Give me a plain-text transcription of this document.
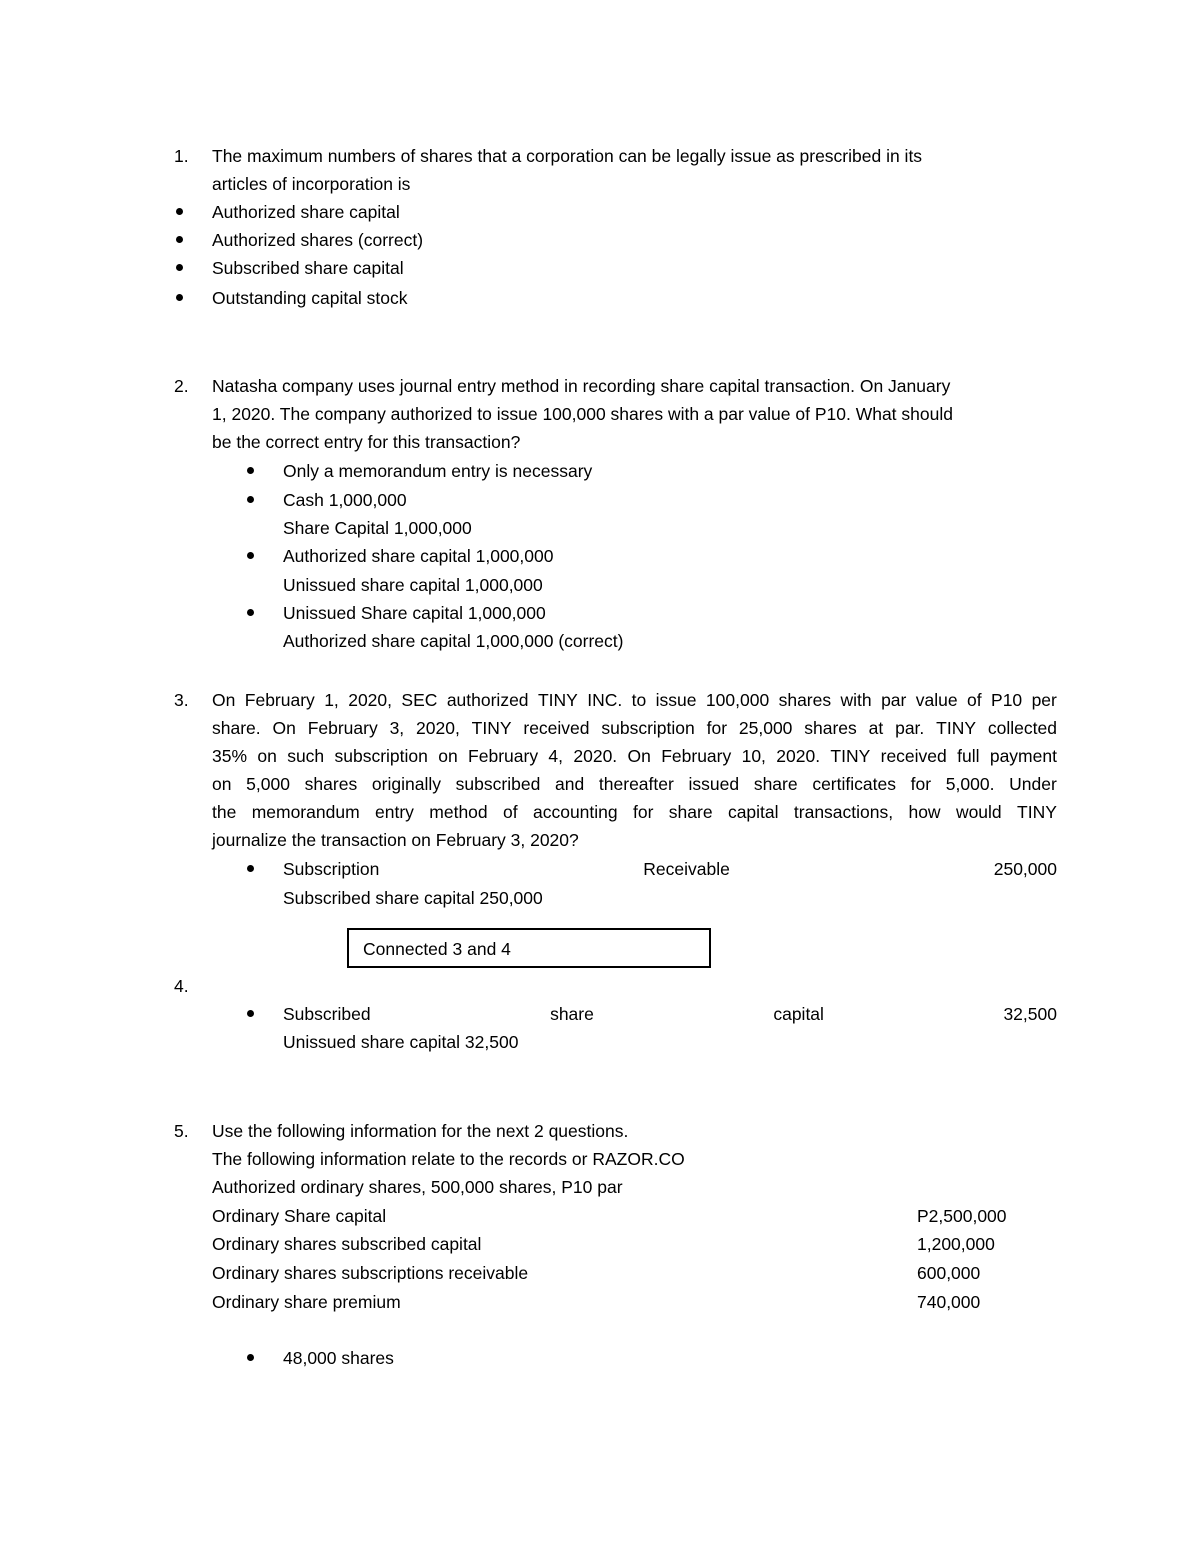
1. The maximum numbers of shares that a corporation can be legally issue as prescribed in its
articles of incorporation is
Authorized share capital
Authorized shares (correct)
Subscribed share capital
Outstanding capital stock
2. Natasha company uses journal entry method in recording share capital transaction. On January
1, 2020. The company authorized to issue 100,000 shares with a par value of P10. What should
be the correct entry for this transaction?
Only a memorandum entry is necessary
Cash 1,000,000
Share Capital 1,000,000
Authorized share capital 1,000,000
Unissued share capital 1,000,000
Unissued Share capital 1,000,000
Authorized share capital 1,000,000 (correct)
3. On February 1, 2020, SEC authorized TINY INC. to issue 100,000 shares with par value of P10 per
share. On February 3, 2020, TINY received subscription for 25,000 shares at par. TINY collected
35% on such subscription on February 4, 2020. On February 10, 2020. TINY received full payment
on 5,000 shares originally subscribed and thereafter issued share certificates for 5,000. Under
the memorandum entry method of accounting for share capital transactions, how would TINY
journalize the transaction on February 3, 2020?
Subscription	Receivable	250,000
Subscribed share capital 250,000
Connected 3 and 4
4.
Subscribed	share	capital	32,500
Unissued share capital 32,500
5. Use the following information for the next 2 questions.
The following information relate to the records or RAZOR.CO
Authorized ordinary shares, 500,000 shares, P10 par
Ordinary Share capital	P2,500,000
Ordinary shares subscribed capital	1,200,000
Ordinary shares subscriptions receivable	600,000
Ordinary share premium	740,000
48,000 shares
